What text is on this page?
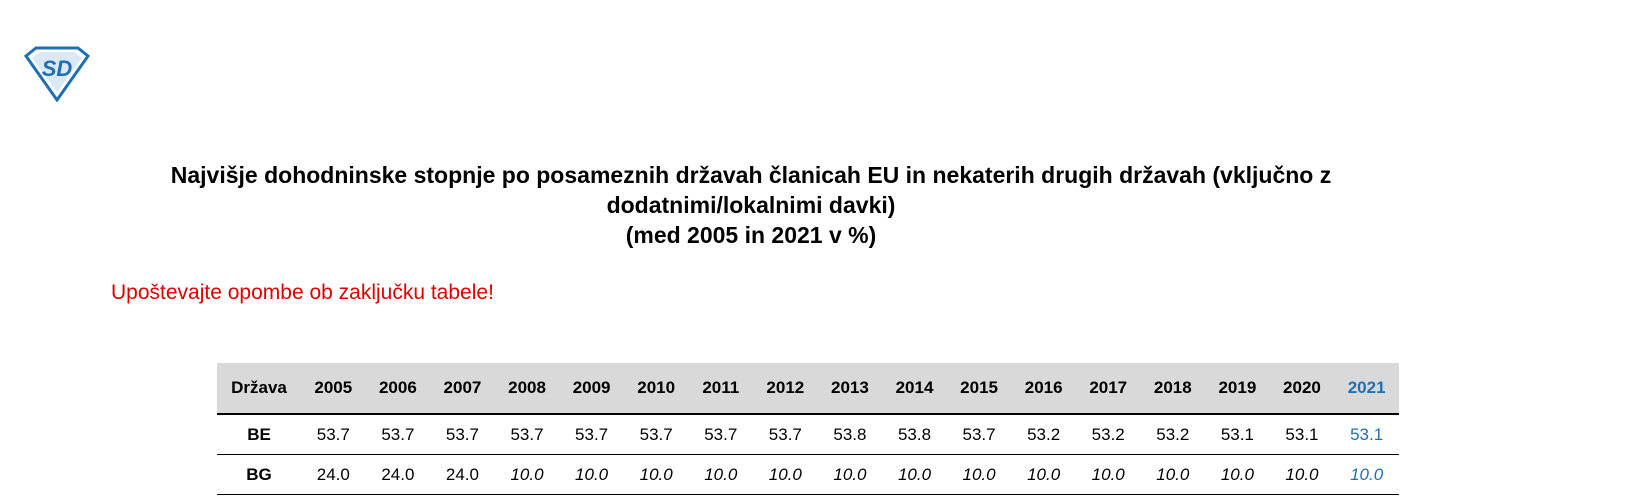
SD
Najvišje dohodninske stopnje po posameznih državah članicah EU in nekaterih drugih državah (vključno z
dodatnimi/lokalnimi davki)
(med 2005 in 2021 v %)
Upoštevajte opombe ob zaključku tabele!
Država	2005	2006	2007	2008	2009	2010	2011	2012	2013	2014	2015	2016	2017	2018	2019	2020	2021
BE	53.7	53.7	53.7	53.7	53.7	53.7	53.7	53.7	53.8	53.8	53.7	53.2	53.2	53.2	53.1	53.1	53.1
BG	24.0	24.0	24.0	10.0	10.0	10.0	10.0	10.0	10.0	10.0	10.0	10.0	10.0	10.0	10.0	10.0	10.0
